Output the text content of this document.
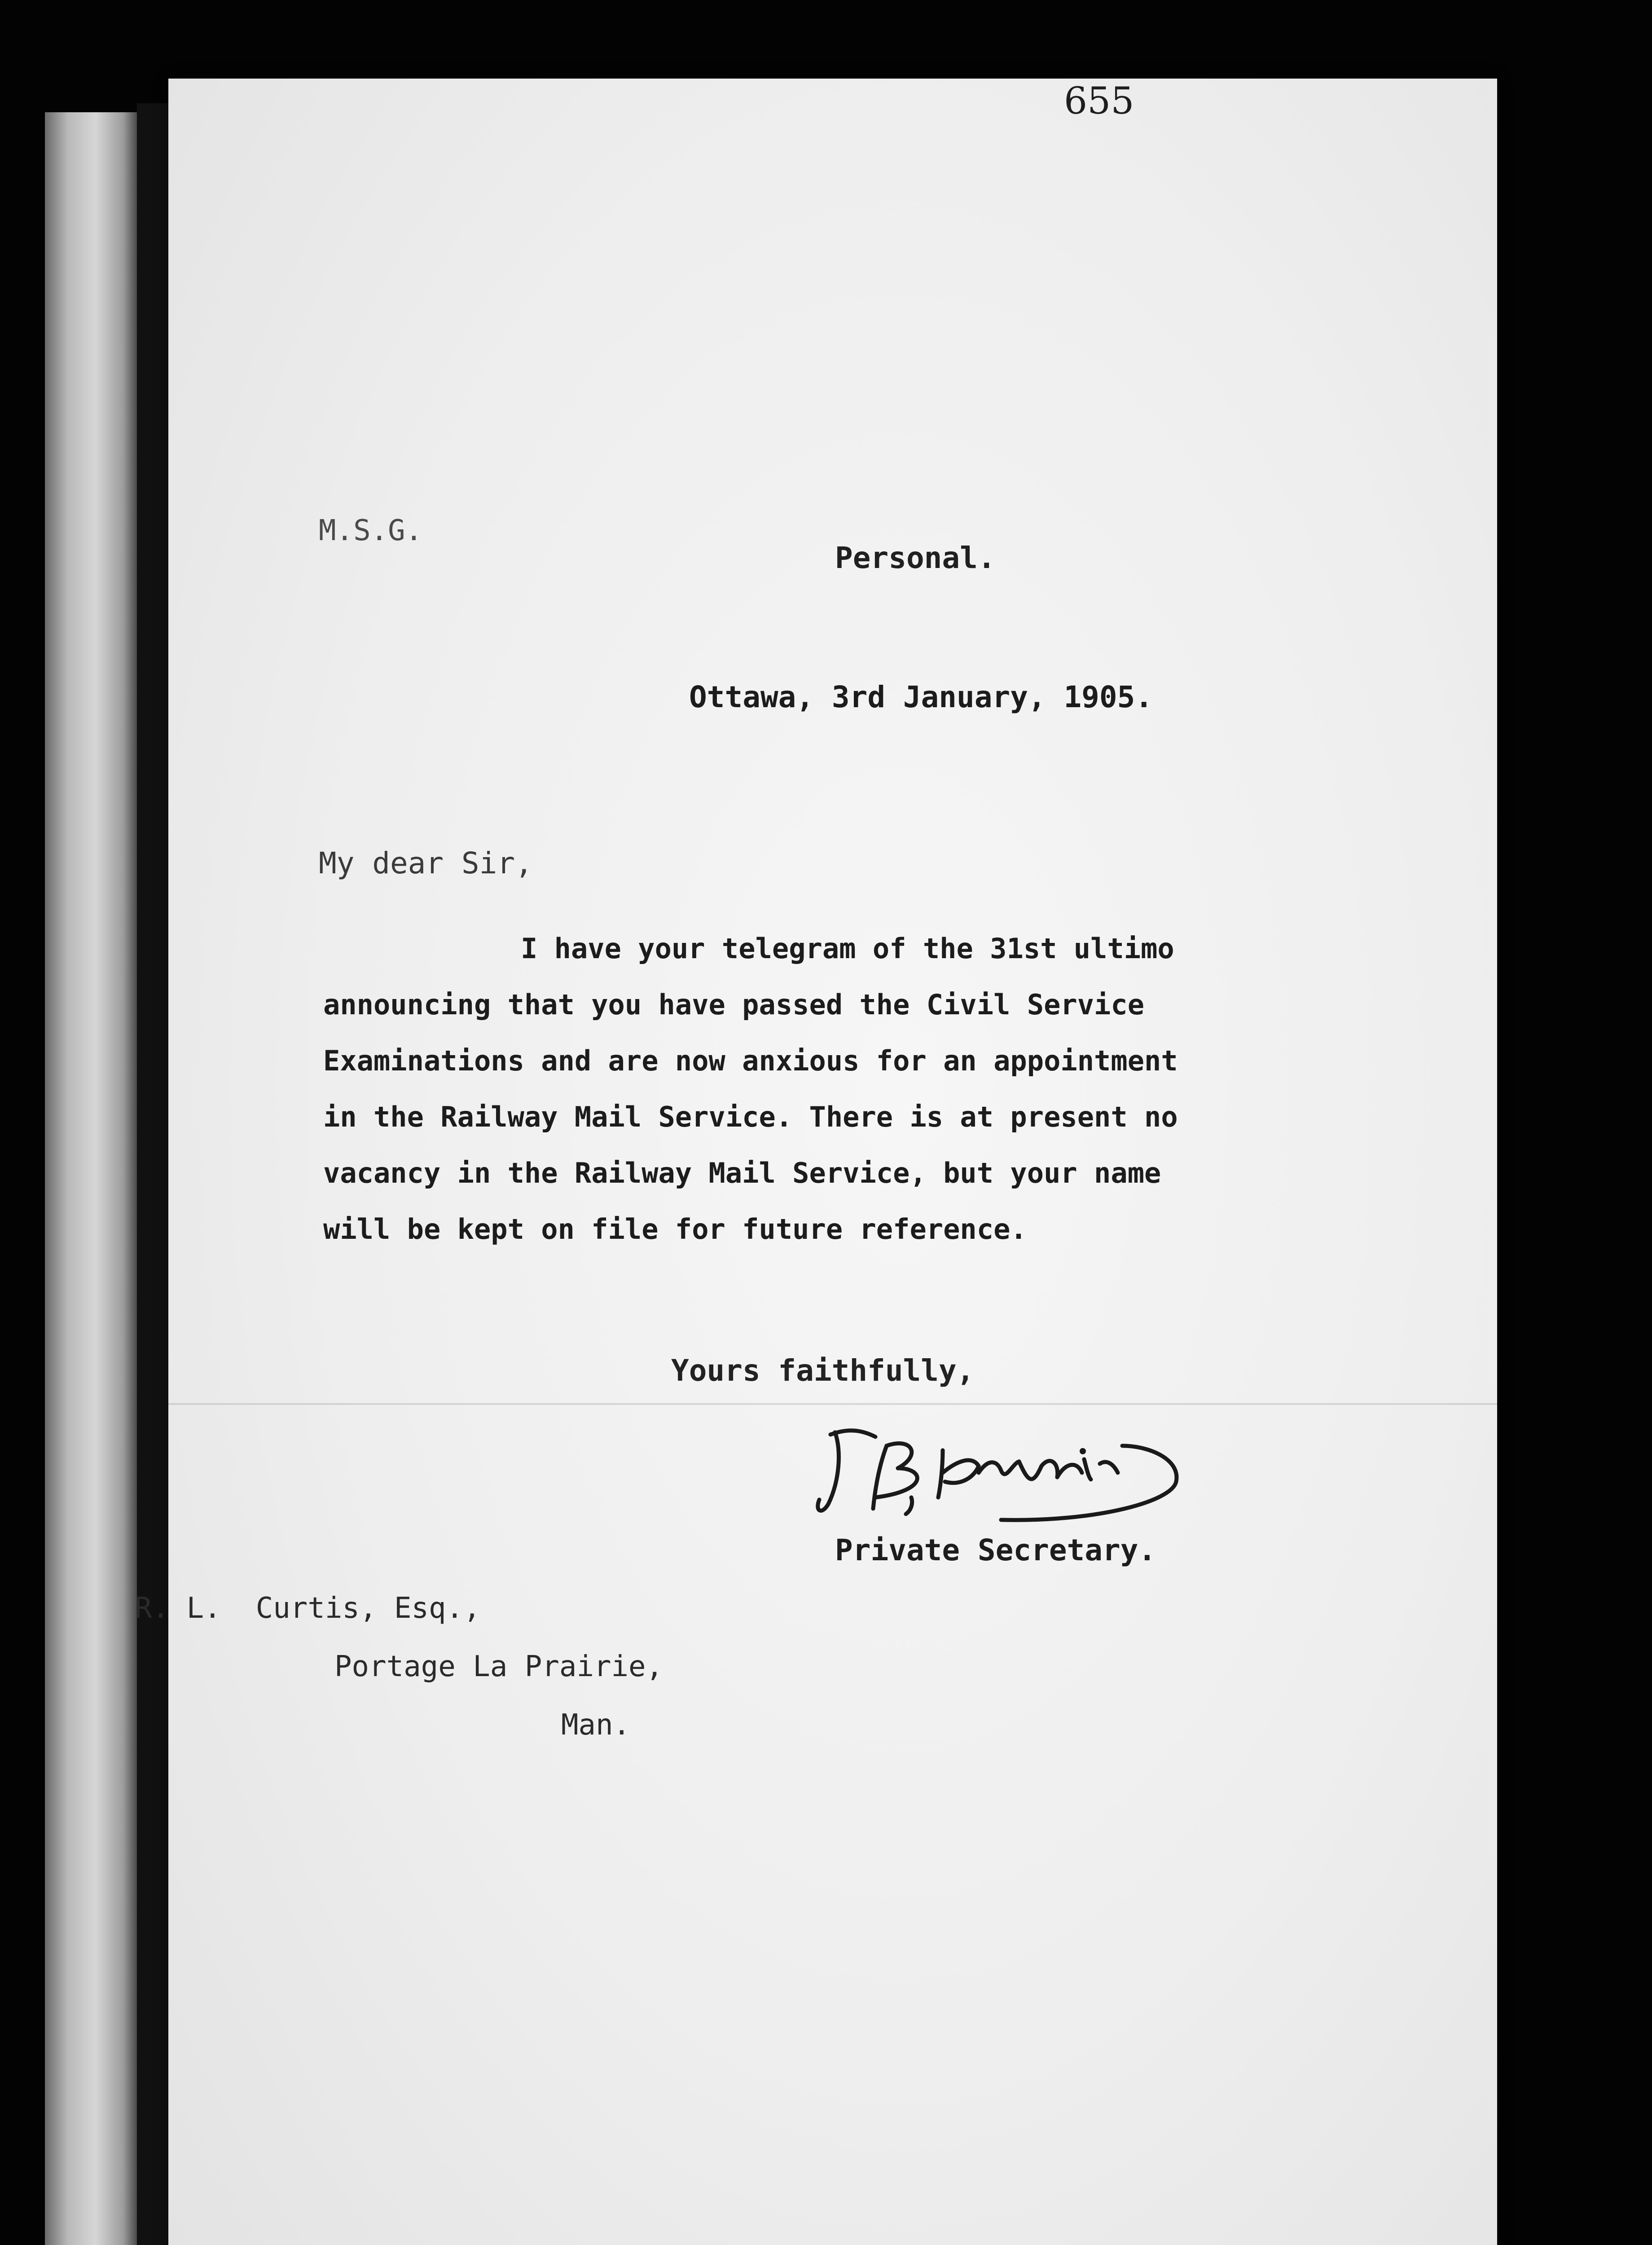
655
M.S.G.
Personal.
Ottawa, 3rd January, 1905.
My dear Sir,
I have your telegram of the 31st ultimo
announcing that you have passed the Civil Service
Examinations and are now anxious for an appointment
in the Railway Mail Service. There is at present no
vacancy in the Railway Mail Service, but your name
will be kept on file for future reference.
Yours faithfully,
Private Secretary.
R. L.  Curtis, Esq.,
Portage La Prairie,
Man.
